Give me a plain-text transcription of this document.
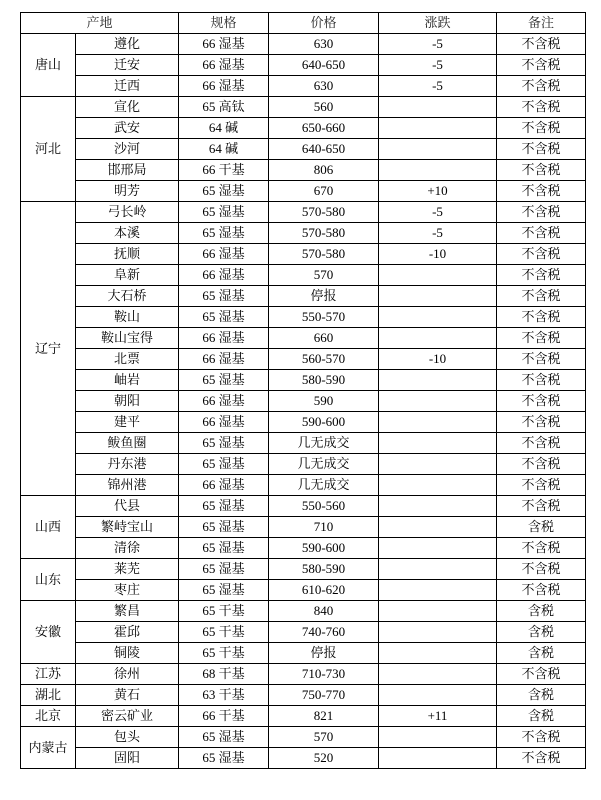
产地		规格	价格	涨跌	备注
唐山	遵化	66 湿基	630	-5	不含税
	迁安	66 湿基	640-650	-5	不含税
	迁西	66 湿基	630	-5	不含税
河北	宣化	65 高钛	560		不含税
	武安	64 碱	650-660		不含税
	沙河	64 碱	640-650		不含税
	邯邢局	66 干基	806		不含税
	明芳	65 湿基	670	+10	不含税
辽宁	弓长岭	65 湿基	570-580	-5	不含税
	本溪	65 湿基	570-580	-5	不含税
	抚顺	66 湿基	570-580	-10	不含税
	阜新	66 湿基	570		不含税
	大石桥	65 湿基	停报		不含税
	鞍山	65 湿基	550-570		不含税
	鞍山宝得	66 湿基	660		不含税
	北票	66 湿基	560-570	-10	不含税
	岫岩	65 湿基	580-590		不含税
	朝阳	66 湿基	590		不含税
	建平	66 湿基	590-600		不含税
	鲅鱼圈	65 湿基	几无成交		不含税
	丹东港	65 湿基	几无成交		不含税
	锦州港	66 湿基	几无成交		不含税
山西	代县	65 湿基	550-560		不含税
	繁峙宝山	65 湿基	710		含税
	清徐	65 湿基	590-600		不含税
山东	莱芜	65 湿基	580-590		不含税
	枣庄	65 湿基	610-620		不含税
安徽	繁昌	65 干基	840		含税
	霍邱	65 干基	740-760		含税
	铜陵	65 干基	停报		含税
江苏	徐州	68 干基	710-730		不含税
湖北	黄石	63 干基	750-770		含税
北京	密云矿业	66 干基	821	+11	含税
内蒙古	包头	65 湿基	570		不含税
	固阳	65 湿基	520		不含税
